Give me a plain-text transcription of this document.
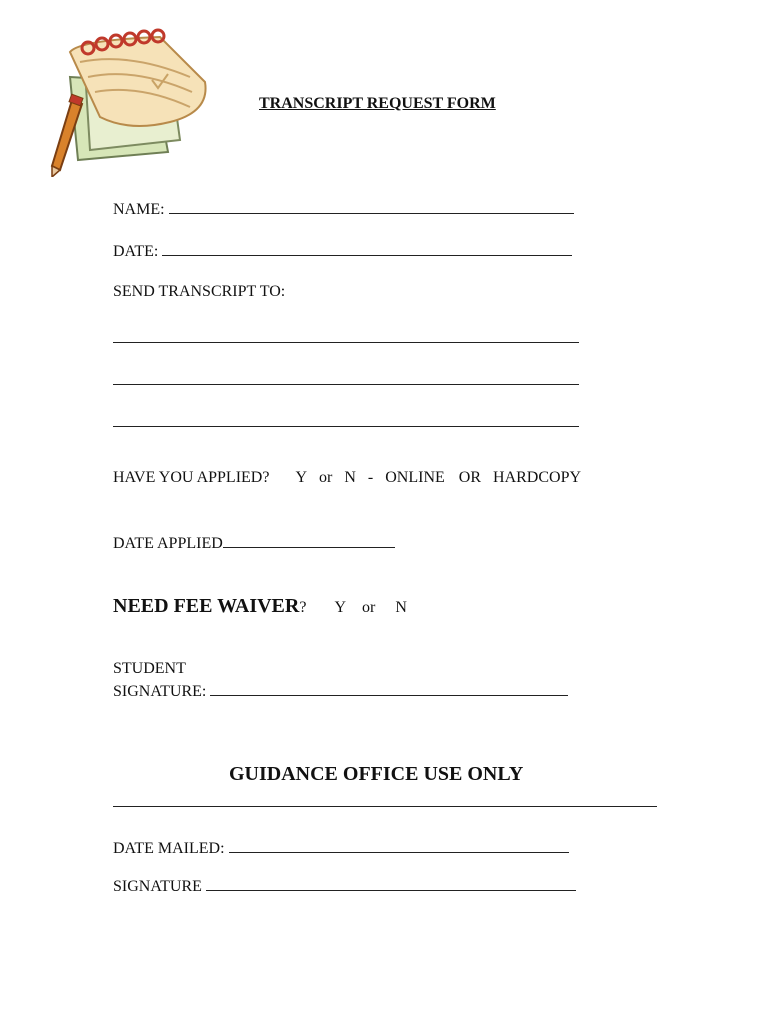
TRANSCRIPT REQUEST FORM
NAME:
DATE:
SEND TRANSCRIPT TO:
HAVE YOU APPLIED? Y or N - ONLINE OR HARDCOPY
DATE APPLIED
NEED FEE WAIVER? Y or N
STUDENT
SIGNATURE:
GUIDANCE OFFICE USE ONLY
DATE MAILED:
SIGNATURE
